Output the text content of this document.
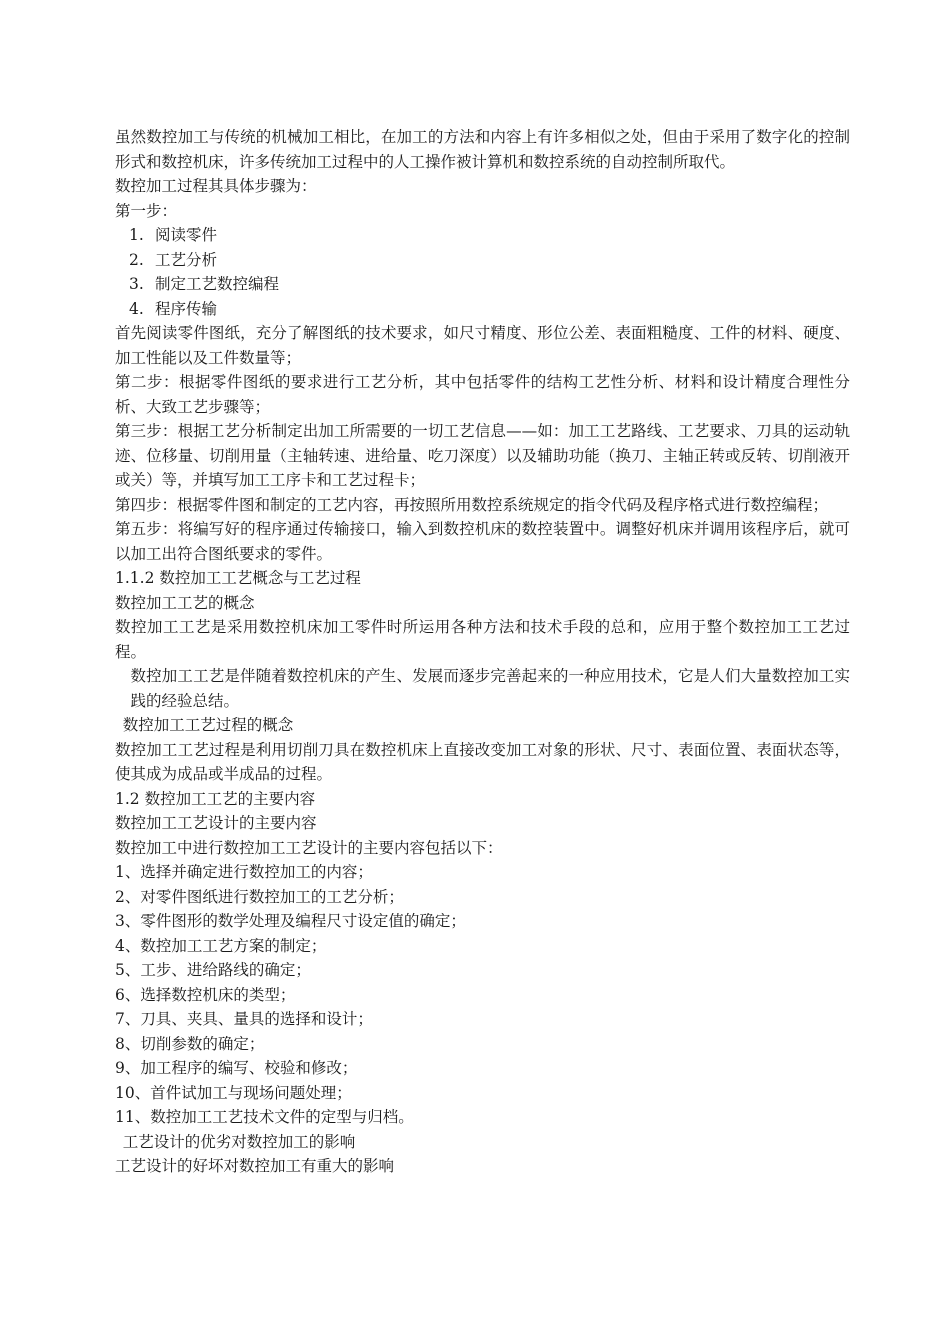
虽然数控加工与传统的机械加工相比，在加工的方法和内容上有许多相似之处，但由于采用了数字化的控制形式和数控机床，许多传统加工过程中的人工操作被计算机和数控系统的自动控制所取代。

数控加工过程其具体步骤为：

第一步：

1. 阅读零件
2. 工艺分析
3. 制定工艺数控编程
4. 程序传输

首先阅读零件图纸，充分了解图纸的技术要求，如尺寸精度、形位公差、表面粗糙度、工件的材料、硬度、加工性能以及工件数量等；

第二步：根据零件图纸的要求进行工艺分析，其中包括零件的结构工艺性分析、材料和设计精度合理性分析、大致工艺步骤等；

第三步：根据工艺分析制定出加工所需要的一切工艺信息——如：加工工艺路线、工艺要求、刀具的运动轨迹、位移量、切削用量（主轴转速、进给量、吃刀深度）以及辅助功能（换刀、主轴正转或反转、切削液开或关）等，并填写加工工序卡和工艺过程卡；

第四步：根据零件图和制定的工艺内容，再按照所用数控系统规定的指令代码及程序格式进行数控编程；

第五步：将编写好的程序通过传输接口，输入到数控机床的数控装置中。调整好机床并调用该程序后，就可以加工出符合图纸要求的零件。

1.1.2 数控加工工艺概念与工艺过程

数控加工工艺的概念

数控加工工艺是采用数控机床加工零件时所运用各种方法和技术手段的总和，应用于整个数控加工工艺过程。

数控加工工艺是伴随着数控机床的产生、发展而逐步完善起来的一种应用技术，它是人们大量数控加工实践的经验总结。

数控加工工艺过程的概念

数控加工工艺过程是利用切削刀具在数控机床上直接改变加工对象的形状、尺寸、表面位置、表面状态等，使其成为成品或半成品的过程。

1.2 数控加工工艺的主要内容

数控加工工艺设计的主要内容

数控加工中进行数控加工工艺设计的主要内容包括以下：

1、选择并确定进行数控加工的内容；

2、对零件图纸进行数控加工的工艺分析；

3、零件图形的数学处理及编程尺寸设定值的确定；

4、数控加工工艺方案的制定；

5、工步、进给路线的确定；

6、选择数控机床的类型；

7、刀具、夹具、量具的选择和设计；

8、切削参数的确定；

9、加工程序的编写、校验和修改；

10、首件试加工与现场问题处理；

11、数控加工工艺技术文件的定型与归档。

工艺设计的优劣对数控加工的影响

工艺设计的好坏对数控加工有重大的影响
